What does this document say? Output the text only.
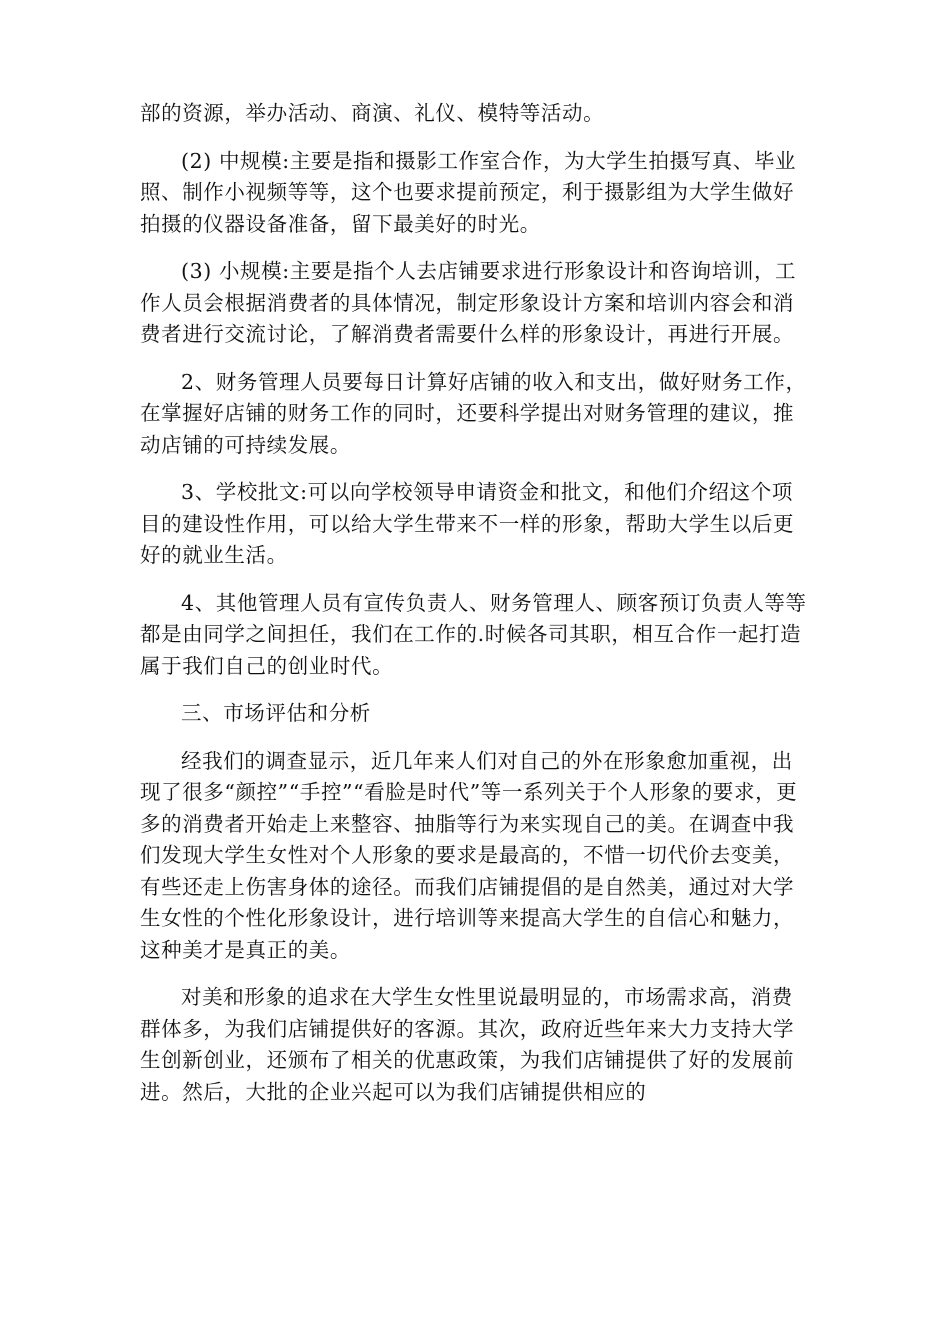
部的资源，举办活动、商演、礼仪、模特等活动。

(2) 中规模:主要是指和摄影工作室合作，为大学生拍摄写真、毕业照、制作小视频等等，这个也要求提前预定，利于摄影组为大学生做好拍摄的仪器设备准备，留下最美好的时光。

(3) 小规模:主要是指个人去店铺要求进行形象设计和咨询培训，工作人员会根据消费者的具体情况，制定形象设计方案和培训内容会和消费者进行交流讨论，了解消费者需要什么样的形象设计，再进行开展。

2、财务管理人员要每日计算好店铺的收入和支出，做好财务工作，在掌握好店铺的财务工作的同时，还要科学提出对财务管理的建议，推动店铺的可持续发展。

3、学校批文:可以向学校领导申请资金和批文，和他们介绍这个项目的建设性作用，可以给大学生带来不一样的形象，帮助大学生以后更好的就业生活。

4、其他管理人员有宣传负责人、财务管理人、顾客预订负责人等等都是由同学之间担任，我们在工作的.时候各司其职，相互合作一起打造属于我们自己的创业时代。

三、市场评估和分析

经我们的调查显示，近几年来人们对自己的外在形象愈加重视，出现了很多“颜控”“手控”“看脸是时代”等一系列关于个人形象的要求，更多的消费者开始走上来整容、抽脂等行为来实现自己的美。在调查中我们发现大学生女性对个人形象的要求是最高的，不惜一切代价去变美，有些还走上伤害身体的途径。而我们店铺提倡的是自然美，通过对大学生女性的个性化形象设计，进行培训等来提高大学生的自信心和魅力，这种美才是真正的美。

对美和形象的追求在大学生女性里说最明显的，市场需求高，消费群体多，为我们店铺提供好的客源。其次，政府近些年来大力支持大学生创新创业，还颁布了相关的优惠政策，为我们店铺提供了好的发展前进。然后，大批的企业兴起可以为我们店铺提供相应的
